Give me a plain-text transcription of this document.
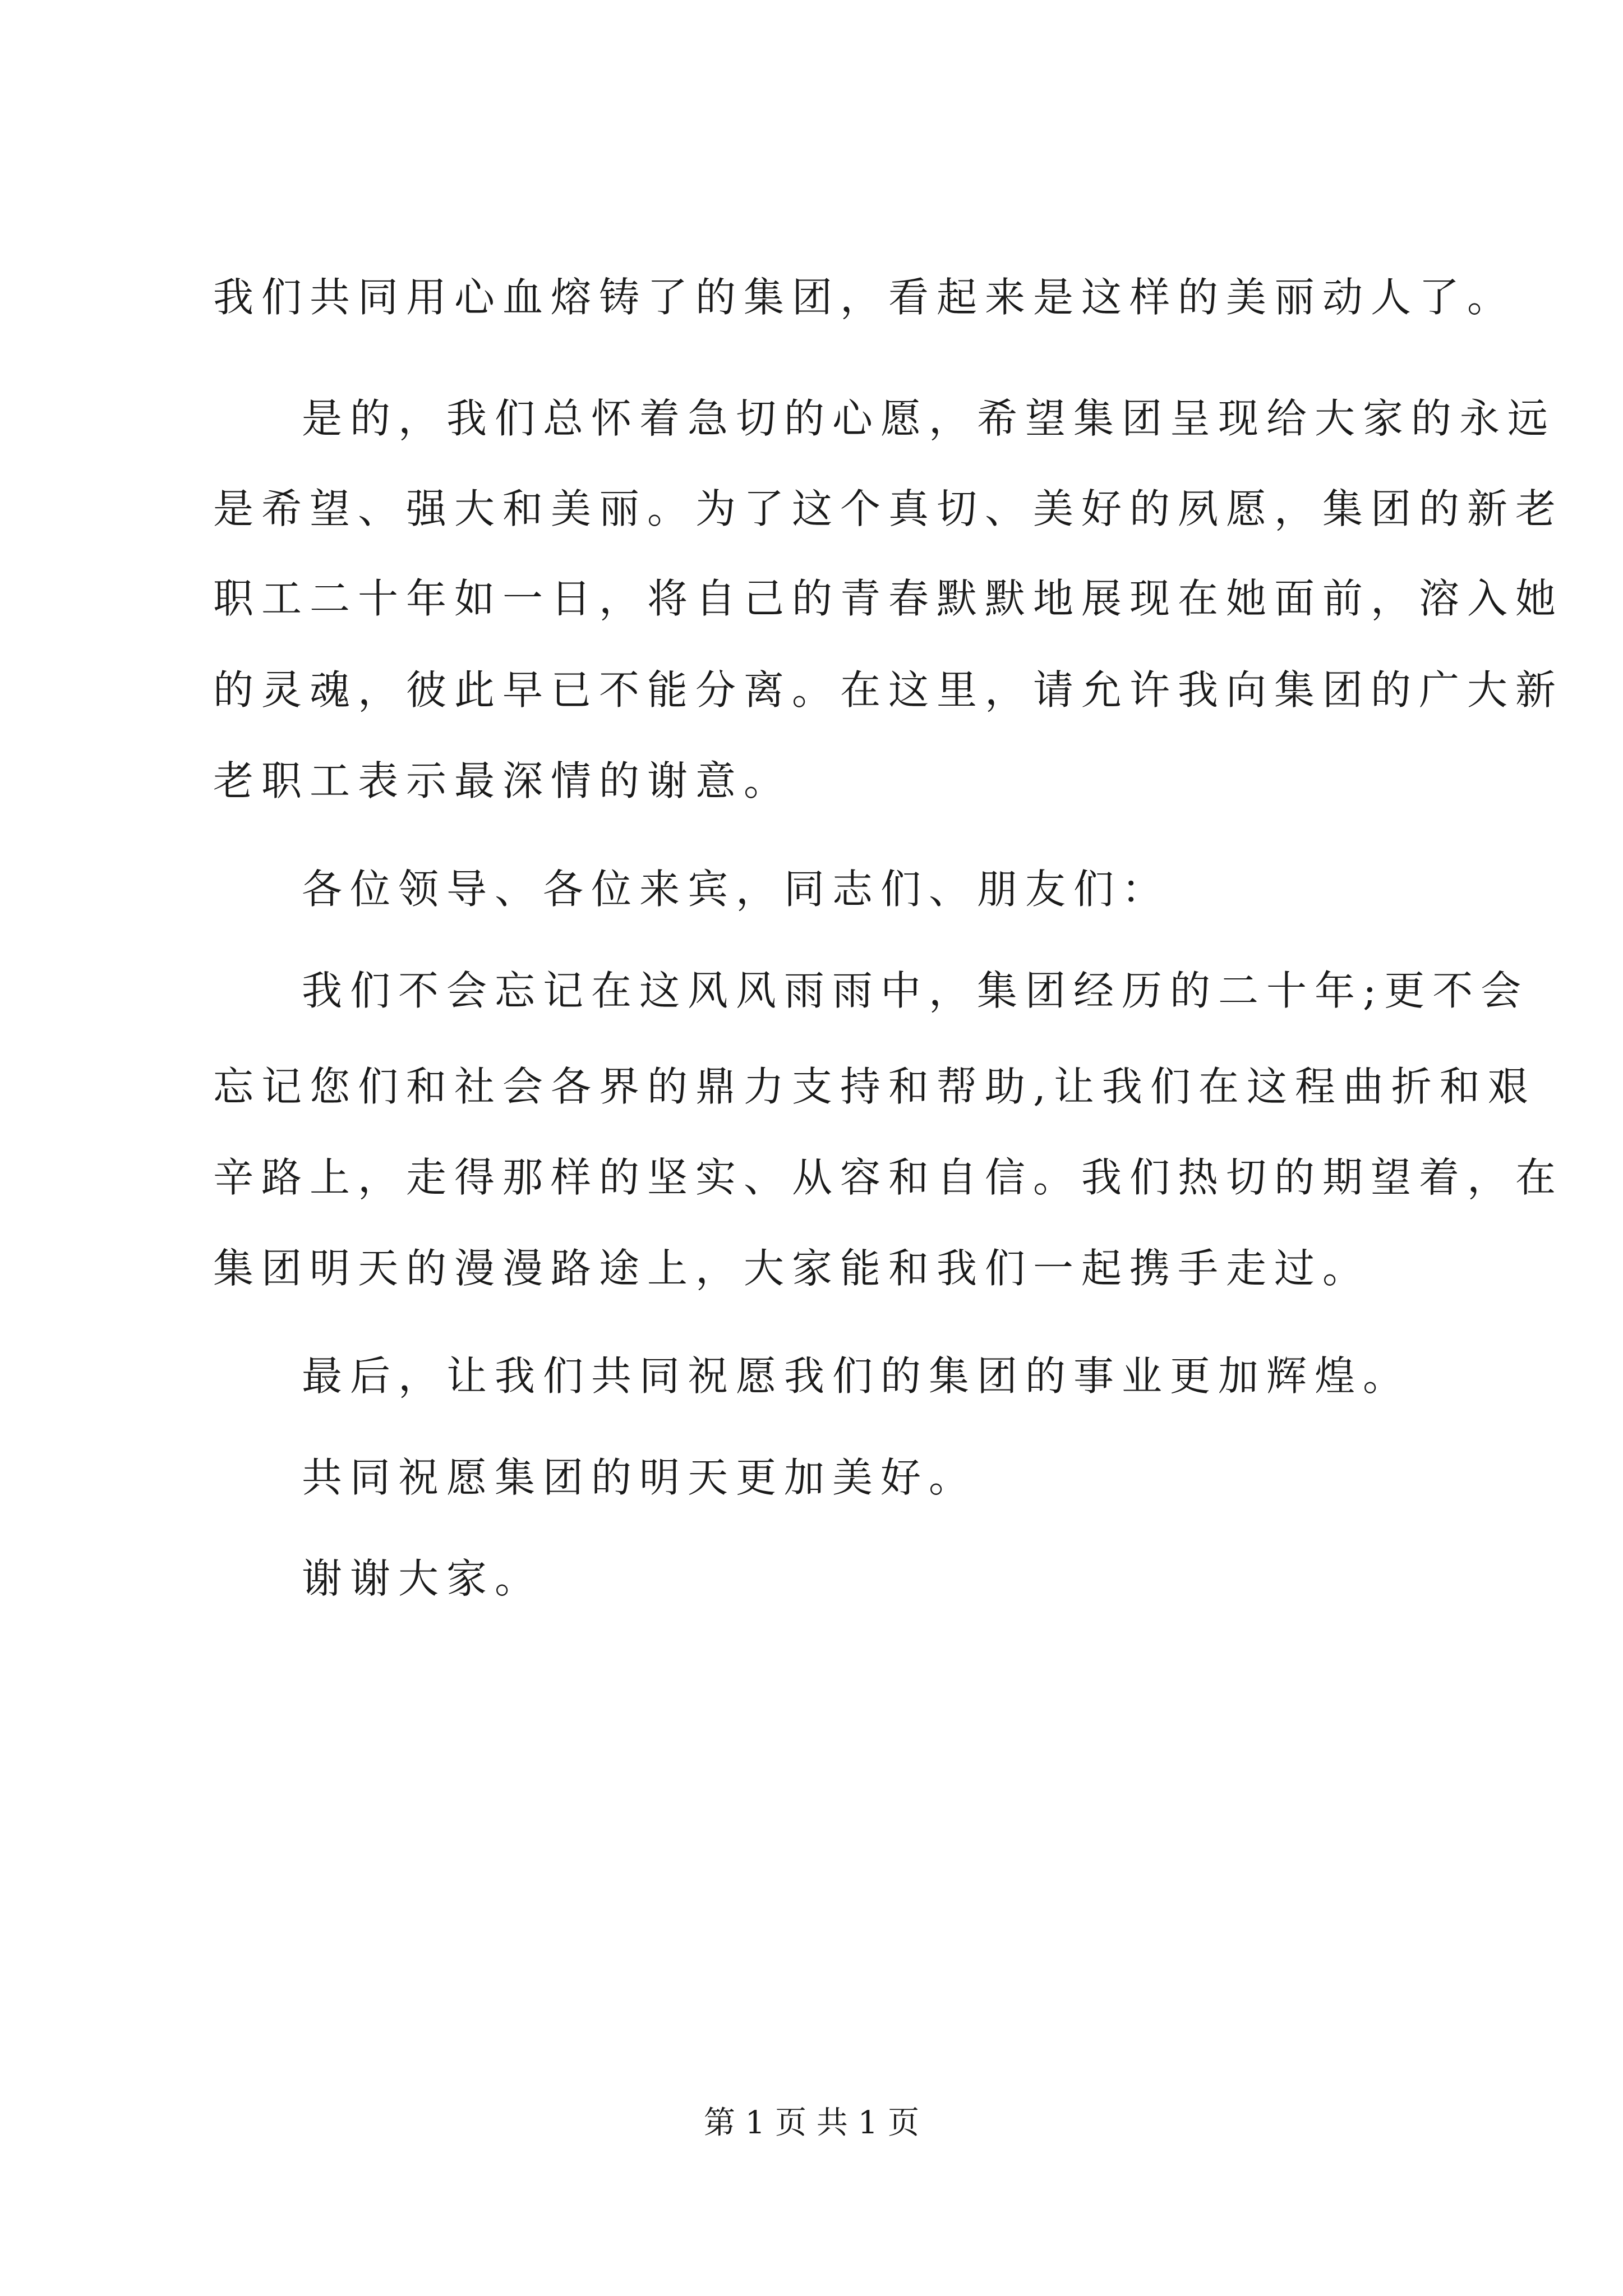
我们共同用心血熔铸了的集团，看起来是这样的美丽动人了。
是的，我们总怀着急切的心愿，希望集团呈现给大家的永远
是希望、强大和美丽。为了这个真切、美好的夙愿，集团的新老
职工二十年如一日，将自己的青春默默地展现在她面前，溶入她
的灵魂，彼此早已不能分离。在这里，请允许我向集团的广大新
老职工表示最深情的谢意。
各位领导、各位来宾，同志们、朋友们：
我们不会忘记在这风风雨雨中，集团经历的二十年;更不会
忘记您们和社会各界的鼎力支持和帮助,让我们在这程曲折和艰
辛路上，走得那样的坚实、从容和自信。我们热切的期望着，在
集团明天的漫漫路途上，大家能和我们一起携手走过。
最后，让我们共同祝愿我们的集团的事业更加辉煌。
共同祝愿集团的明天更加美好。
谢谢大家。
第 1 页 共 1 页
